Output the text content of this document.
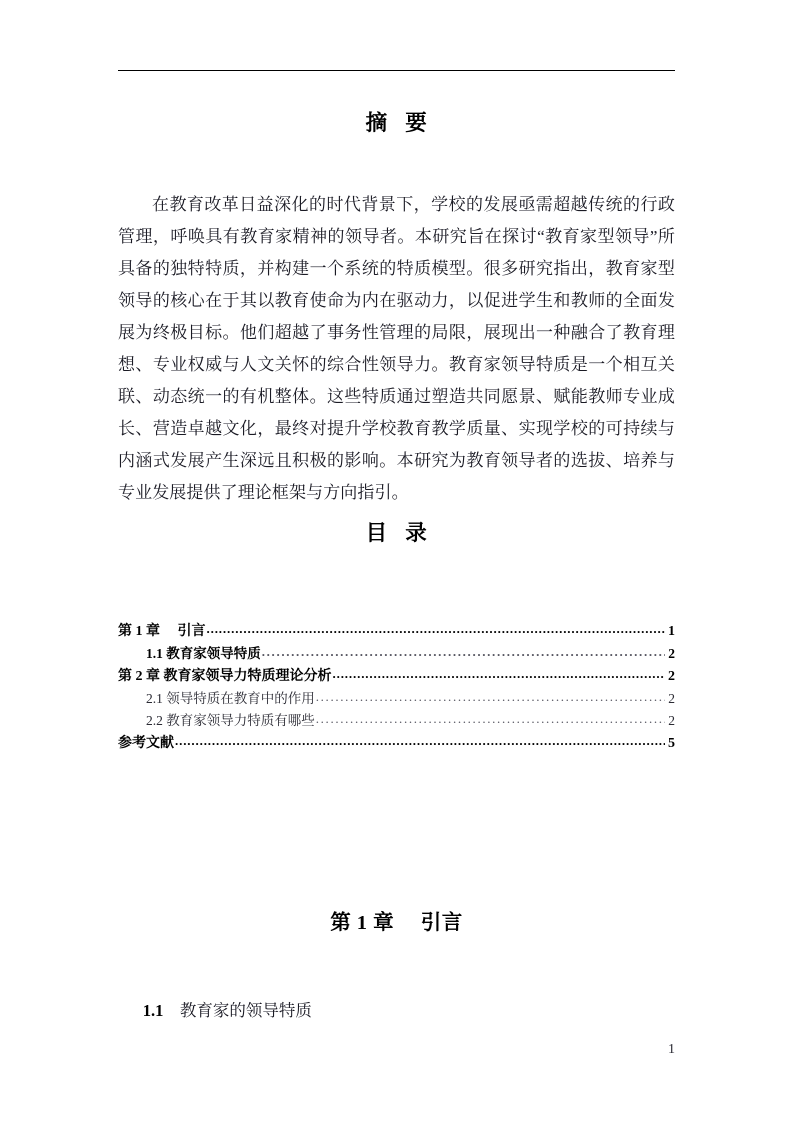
摘   要

在教育改革日益深化的时代背景下，学校的发展亟需超越传统的行政管理，呼唤具有教育家精神的领导者。本研究旨在探讨“教育家型领导”所具备的独特特质，并构建一个系统的特质模型。很多研究指出，教育家型领导的核心在于其以教育使命为内在驱动力，以促进学生和教师的全面发展为终极目标。他们超越了事务性管理的局限，展现出一种融合了教育理想、专业权威与人文关怀的综合性领导力。教育家领导特质是一个相互关联、动态统一的有机整体。这些特质通过塑造共同愿景、赋能教师专业成长、营造卓越文化，最终对提升学校教育教学质量、实现学校的可持续与内涵式发展产生深远且积极的影响。本研究为教育领导者的选拔、培养与专业发展提供了理论框架与方向指引。

目   录
第 1 章　 引言 . . .	1
1.1 教育家领导特质 . . .	2
第 2 章 教育家领导力特质理论分析 . . .	2
2.1 领导特质在教育中的作用 . . .	2
2.2 教育家领导力特质有哪些 . . .	2
参考文献 . . .	5
第 1 章　 引言

1.1    教育家的领导特质

1
